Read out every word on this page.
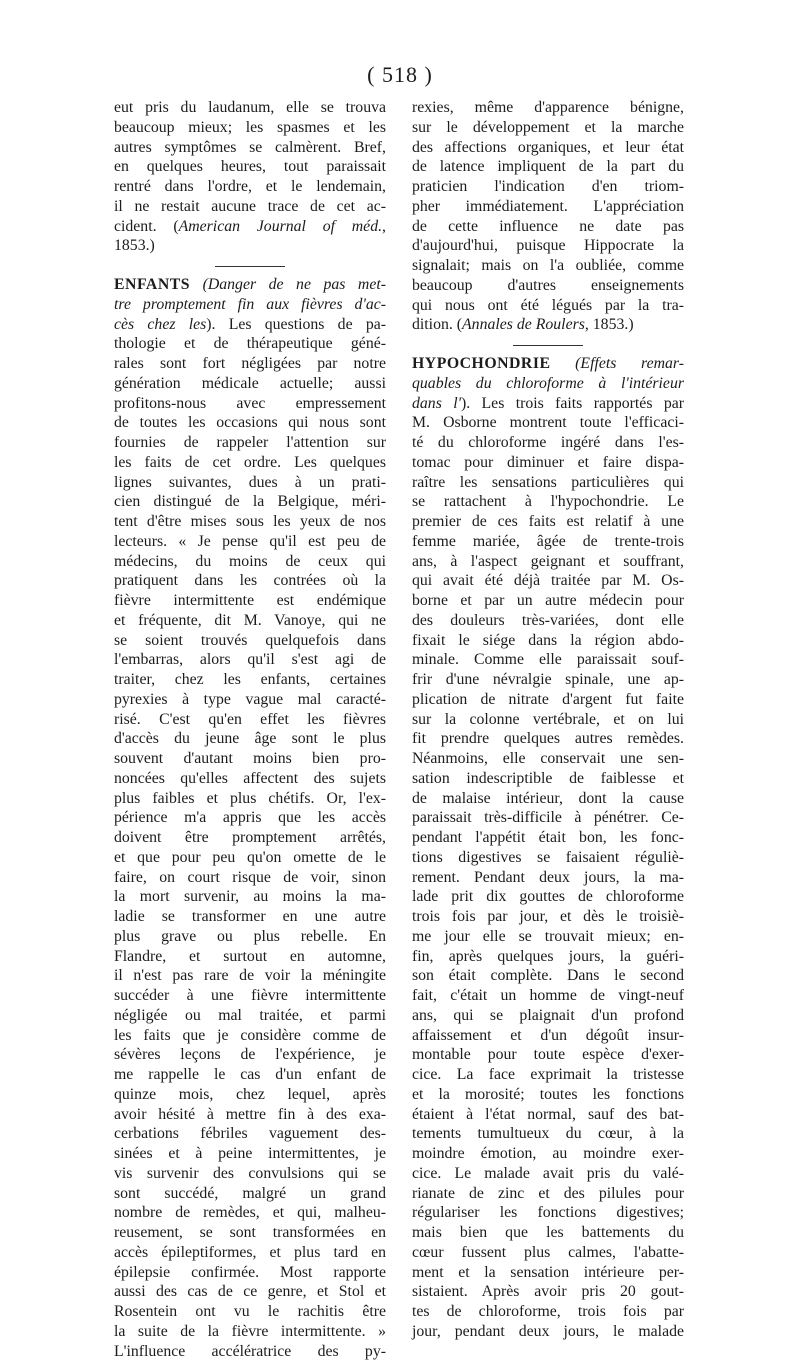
( 518 )
eut pris du laudanum, elle se trouva
beaucoup mieux; les spasmes et les
autres symptômes se calmèrent. Bref,
en quelques heures, tout paraissait
rentré dans l'ordre, et le lendemain,
il ne restait aucune trace de cet ac-
cident. (American Journal of méd.,
1853.)
ENFANTS (Danger de ne pas met-
tre promptement fin aux fièvres d'ac-
cès chez les). Les questions de pa-
thologie et de thérapeutique géné-
rales sont fort négligées par notre
génération médicale actuelle; aussi
profitons-nous avec empressement
de toutes les occasions qui nous sont
fournies de rappeler l'attention sur
les faits de cet ordre. Les quelques
lignes suivantes, dues à un prati-
cien distingué de la Belgique, méri-
tent d'être mises sous les yeux de nos
lecteurs. « Je pense qu'il est peu de
médecins, du moins de ceux qui
pratiquent dans les contrées où la
fièvre intermittente est endémique
et fréquente, dit M. Vanoye, qui ne
se soient trouvés quelquefois dans
l'embarras, alors qu'il s'est agi de
traiter, chez les enfants, certaines
pyrexies à type vague mal caracté-
risé. C'est qu'en effet les fièvres
d'accès du jeune âge sont le plus
souvent d'autant moins bien pro-
noncées qu'elles affectent des sujets
plus faibles et plus chétifs. Or, l'ex-
périence m'a appris que les accès
doivent être promptement arrêtés,
et que pour peu qu'on omette de le
faire, on court risque de voir, sinon
la mort survenir, au moins la ma-
ladie se transformer en une autre
plus grave ou plus rebelle. En
Flandre, et surtout en automne,
il n'est pas rare de voir la méningite
succéder à une fièvre intermittente
négligée ou mal traitée, et parmi
les faits que je considère comme de
sévères leçons de l'expérience, je
me rappelle le cas d'un enfant de
quinze mois, chez lequel, après
avoir hésité à mettre fin à des exa-
cerbations fébriles vaguement des-
sinées et à peine intermittentes, je
vis survenir des convulsions qui se
sont succédé, malgré un grand
nombre de remèdes, et qui, malheu-
reusement, se sont transformées en
accès épileptiformes, et plus tard en
épilepsie confirmée. Most rapporte
aussi des cas de ce genre, et Stol et
Rosentein ont vu le rachitis être
la suite de la fièvre intermittente. »
L'influence accélératrice des py-
rexies, même d'apparence bénigne,
sur le développement et la marche
des affections organiques, et leur état
de latence impliquent de la part du
praticien l'indication d'en triom-
pher immédiatement. L'appréciation
de cette influence ne date pas
d'aujourd'hui, puisque Hippocrate la
signalait; mais on l'a oubliée, comme
beaucoup d'autres enseignements
qui nous ont été légués par la tra-
dition. (Annales de Roulers, 1853.)
HYPOCHONDRIE (Effets remar-
quables du chloroforme à l'intérieur
dans l'). Les trois faits rapportés par
M. Osborne montrent toute l'efficaci-
té du chloroforme ingéré dans l'es-
tomac pour diminuer et faire dispa-
raître les sensations particulières qui
se rattachent à l'hypochondrie. Le
premier de ces faits est relatif à une
femme mariée, âgée de trente-trois
ans, à l'aspect geignant et souffrant,
qui avait été déjà traitée par M. Os-
borne et par un autre médecin pour
des douleurs très-variées, dont elle
fixait le siége dans la région abdo-
minale. Comme elle paraissait souf-
frir d'une névralgie spinale, une ap-
plication de nitrate d'argent fut faite
sur la colonne vertébrale, et on lui
fit prendre quelques autres remèdes.
Néanmoins, elle conservait une sen-
sation indescriptible de faiblesse et
de malaise intérieur, dont la cause
paraissait très-difficile à pénétrer. Ce-
pendant l'appétit était bon, les fonc-
tions digestives se faisaient réguliè-
rement. Pendant deux jours, la ma-
lade prit dix gouttes de chloroforme
trois fois par jour, et dès le troisiè-
me jour elle se trouvait mieux; en-
fin, après quelques jours, la guéri-
son était complète. Dans le second
fait, c'était un homme de vingt-neuf
ans, qui se plaignait d'un profond
affaissement et d'un dégoût insur-
montable pour toute espèce d'exer-
cice. La face exprimait la tristesse
et la morosité; toutes les fonctions
étaient à l'état normal, sauf des bat-
tements tumultueux du cœur, à la
moindre émotion, au moindre exer-
cice. Le malade avait pris du valé-
rianate de zinc et des pilules pour
régulariser les fonctions digestives;
mais bien que les battements du
cœur fussent plus calmes, l'abatte-
ment et la sensation intérieure per-
sistaient. Après avoir pris 20 gout-
tes de chloroforme, trois fois par
jour, pendant deux jours, le malade
